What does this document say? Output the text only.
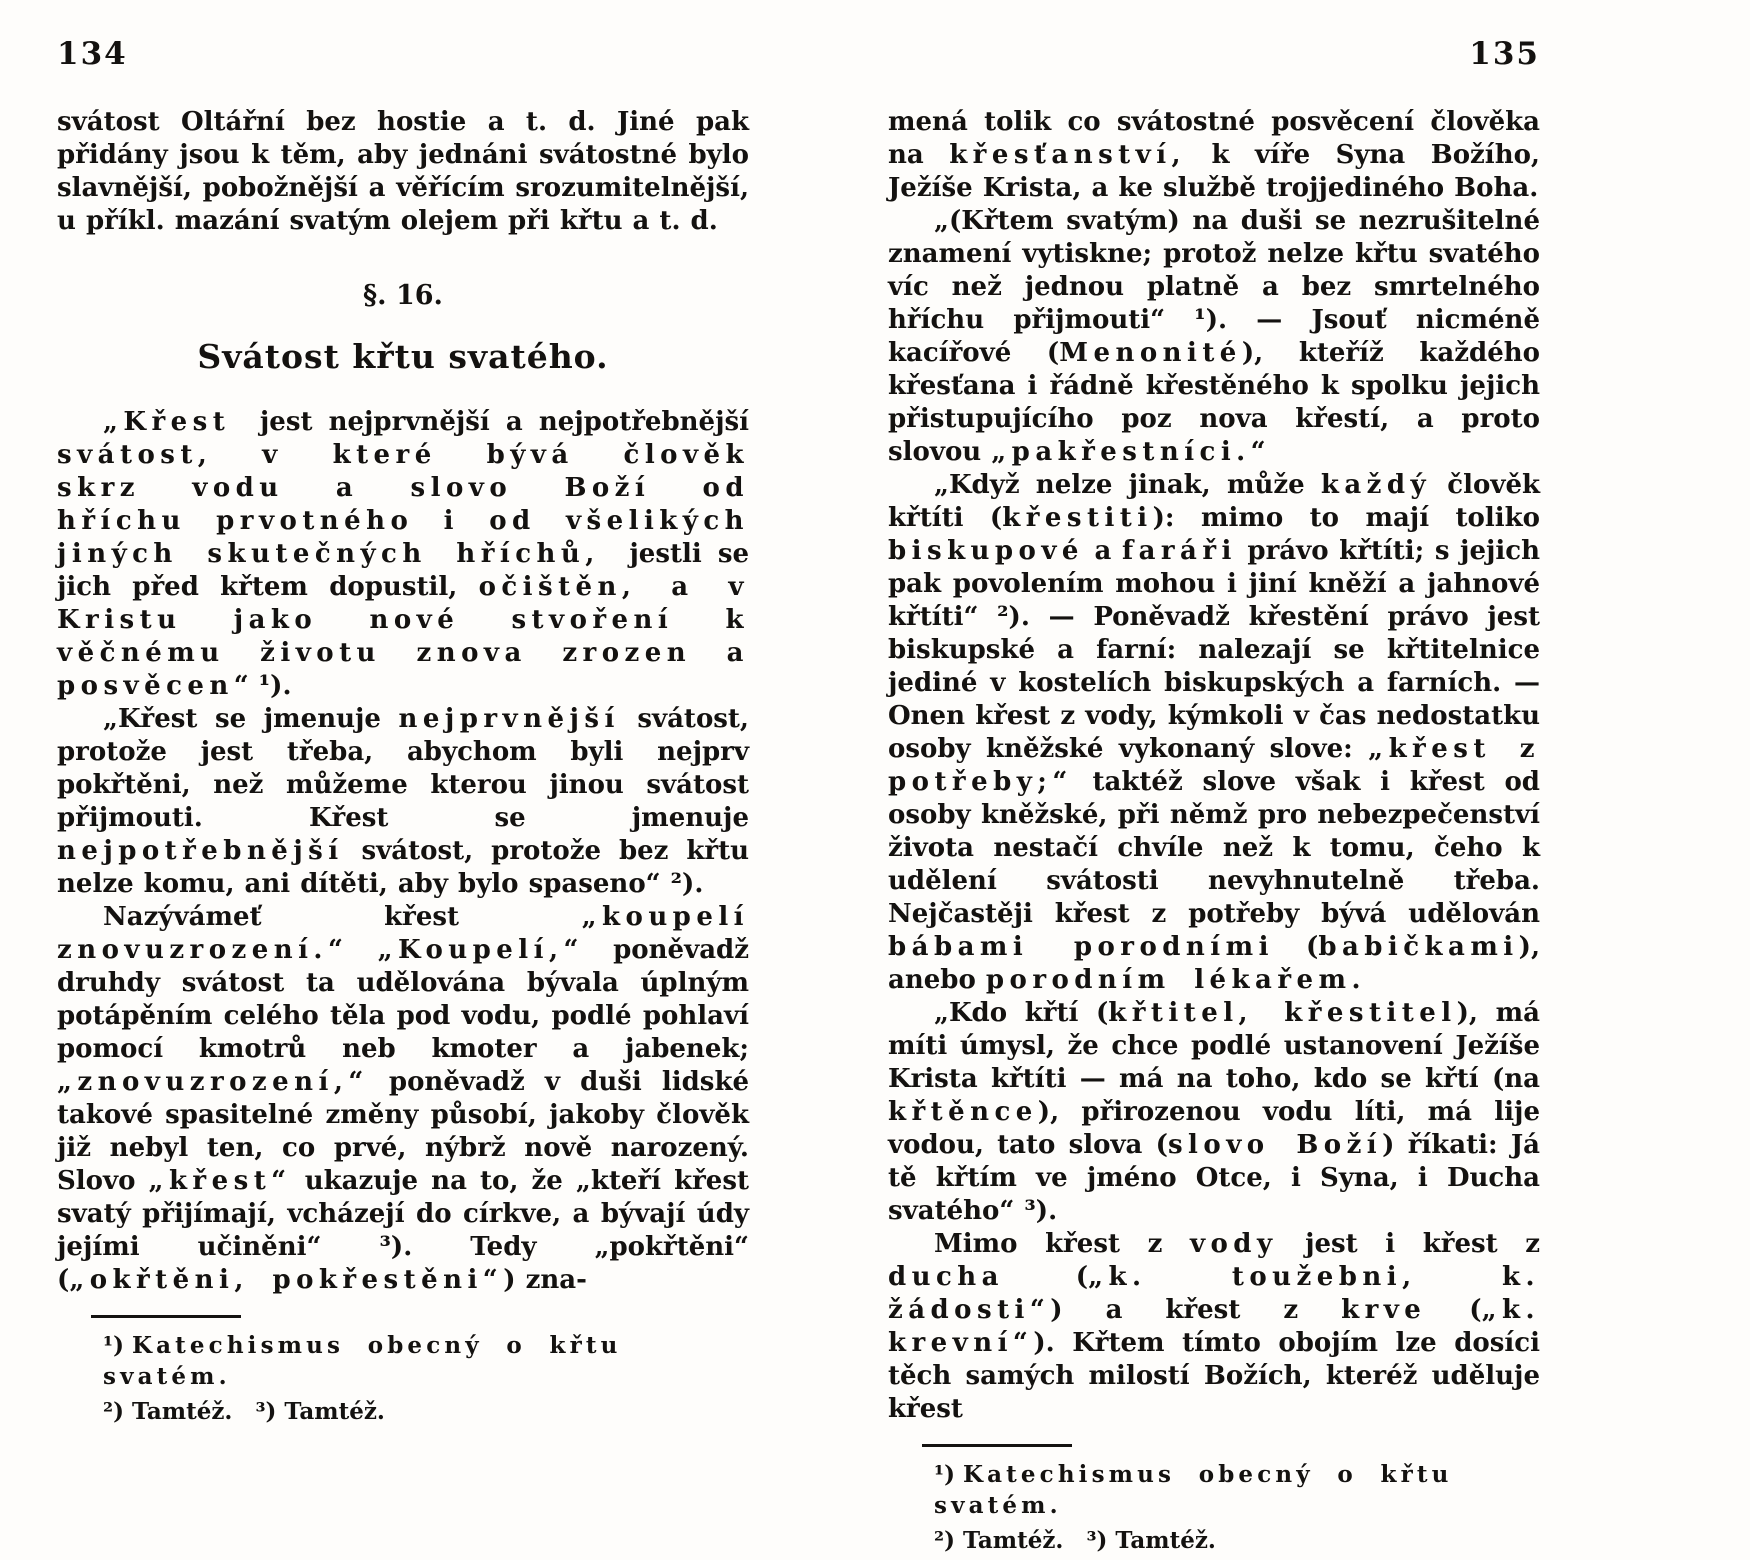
134

svátost Oltářní bez hostie a t. d. Jiné pak přidány jsou k těm, aby jednáni svátostné bylo slavnější, pobožnější a věřícím srozumitelnější, u příkl. mazání svatým olejem při křtu a t. d.

§. 16.

Svátost křtu svatého.

„Křest jest nejprvnější a nejpotřebnější svátost, v které bývá člověk skrz vodu a slovo Boží od hříchu prvotného i od všelikých jiných skutečných hříchů, jestli se jich před křtem dopustil, očištěn, a v Kristu jako nové stvoření k věčnému životu znova zrozen a posvěcen“ ¹).

„Křest se jmenuje nejprvnější svátost, protože jest třeba, abychom byli nejprv pokřtěni, než můžeme kterou jinou svátost přijmouti. Křest se jmenuje nejpotřebnější svátost, protože bez křtu nelze komu, ani dítěti, aby bylo spaseno“ ²).

Nazývámeť křest „koupelí znovuzrození.“ „Koupelí,“ poněvadž druhdy svátost ta udělována bývala úplným potápěním celého těla pod vodu, podlé pohlaví pomocí kmotrů neb kmoter a jabenek; „znovuzrození,“ poněvadž v duši lidské takové spasitelné změny působí, jakoby člověk již nebyl ten, co prvé, nýbrž nově narozený. Slovo „křest“ ukazuje na to, že „kteří křest svatý přijímají, vcházejí do církve, a bývají údy jejími učiněni“ ³). Tedy „pokřtěni“ („okřtěni, pokřestěni“) zna-

¹) Katechismus obecný o křtu svatém.

²) Tamtéž.  ³) Tamtéž.

135

mená tolik co svátostné posvěcení člověka na křesťanství, k víře Syna Božího, Ježíše Krista, a ke službě trojjediného Boha.

„(Křtem svatým) na duši se nezrušitelné znamení vytiskne; protož nelze křtu svatého víc než jednou platně a bez smrtelného hříchu přijmouti“ ¹). — Jsouť nicméně kacířové (Menonité), kteříž každého křesťana i řádně křestěného k spolku jejich přistupujícího poz nova křestí, a proto slovou „pakřestníci.“

„Když nelze jinak, může každý člověk křtíti (křestiti): mimo to mají toliko biskupové a faráři právo křtíti; s jejich pak povolením mohou i jiní kněží a jahnové křtíti“ ²). — Poněvadž křestění právo jest biskupské a farní: nalezají se křtitelnice jediné v kostelích biskupských a farních. — Onen křest z vody, kýmkoli v čas nedostatku osoby kněžské vykonaný slove: „křest z potřeby;“ taktéž slove však i křest od osoby kněžské, při němž pro nebezpečenství života nestačí chvíle než k tomu, čeho k udělení svátosti nevyhnutelně třeba. Nejčastěji křest z potřeby bývá udělován bábami porodními (babičkami), anebo porodním lékařem.

„Kdo křtí (křtitel, křestitel), má míti úmysl, že chce podlé ustanovení Ježíše Krista křtíti — má na toho, kdo se křtí (na křtěnce), přirozenou vodu líti, má lije vodou, tato slova (slovo Boží) říkati: Já tě křtím ve jméno Otce, i Syna, i Ducha svatého“ ³).

Mimo křest z vody jest i křest z ducha („k. toužebni, k. žádosti“) a křest z krve („k. krevní“). Křtem tímto obojím lze dosíci těch samých milostí Božích, kteréž uděluje křest

¹) Katechismus obecný o křtu svatém.

²) Tamtéž.  ³) Tamtéž.
